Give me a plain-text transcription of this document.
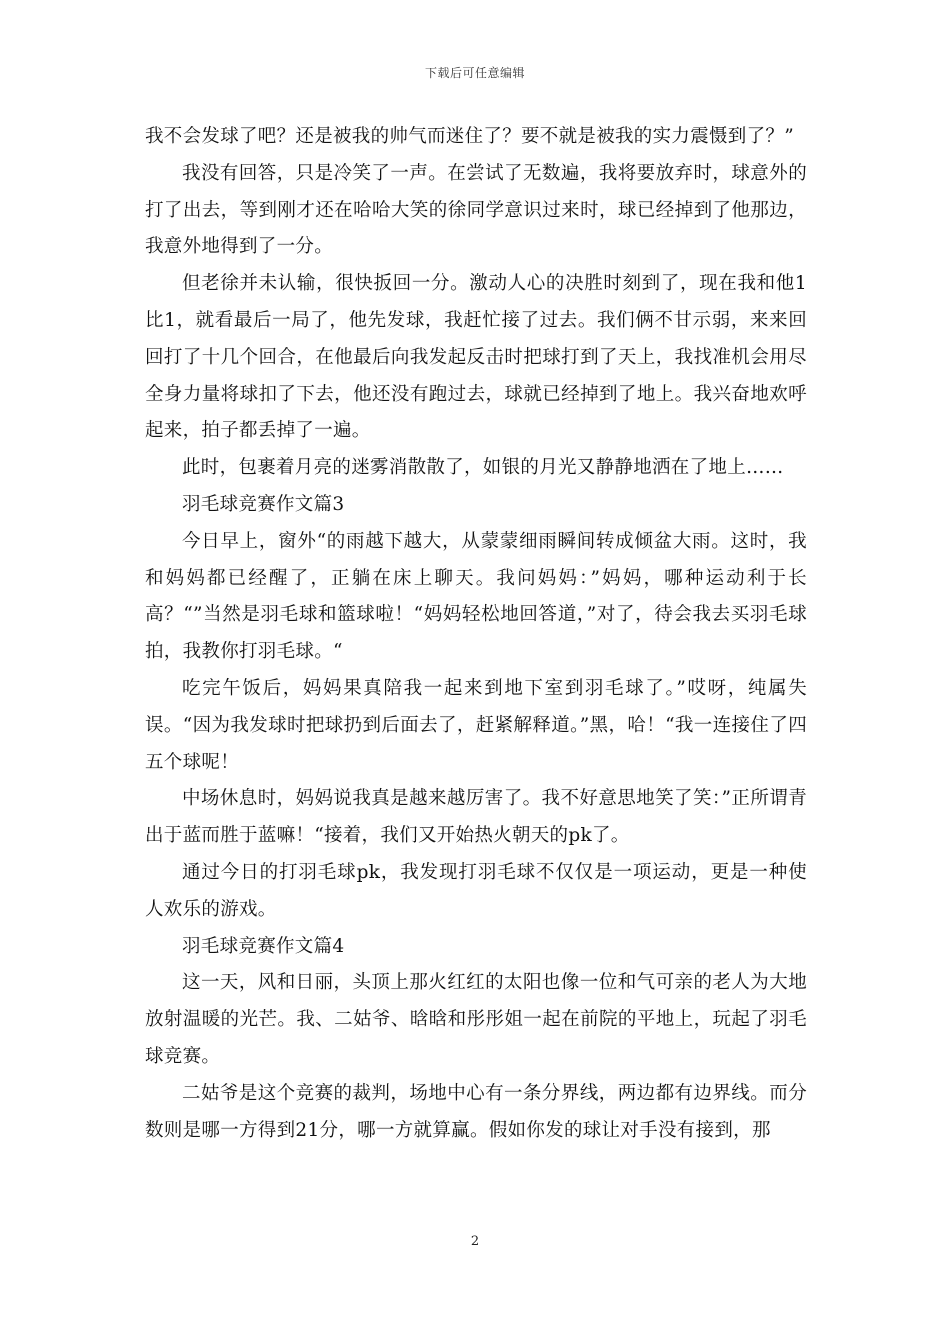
下载后可任意编辑

我不会发球了吧？还是被我的帅气而迷住了？要不就是被我的实力震慑到了？”

我没有回答，只是冷笑了一声。在尝试了无数遍，我将要放弃时，球意外的打了出去，等到刚才还在哈哈大笑的徐同学意识过来时，球已经掉到了他那边，我意外地得到了一分。

但老徐并未认输，很快扳回一分。激动人心的决胜时刻到了，现在我和他1比1，就看最后一局了，他先发球，我赶忙接了过去。我们俩不甘示弱，来来回回打了十几个回合，在他最后向我发起反击时把球打到了天上，我找准机会用尽全身力量将球扣了下去，他还没有跑过去，球就已经掉到了地上。我兴奋地欢呼起来，拍子都丢掉了一遍。

此时，包裹着月亮的迷雾消散散了，如银的月光又静静地洒在了地上……

羽毛球竞赛作文篇3

今日早上，窗外“的雨越下越大，从蒙蒙细雨瞬间转成倾盆大雨。这时，我和妈妈都已经醒了，正躺在床上聊天。我问妈妈：”妈妈，哪种运动利于长高？“”当然是羽毛球和篮球啦！“妈妈轻松地回答道，”对了，待会我去买羽毛球拍，我教你打羽毛球。“

吃完午饭后，妈妈果真陪我一起来到地下室到羽毛球了。”哎呀，纯属失误。“因为我发球时把球扔到后面去了，赶紧解释道。”黑，哈！“我一连接住了四五个球呢！

中场休息时，妈妈说我真是越来越厉害了。我不好意思地笑了笑：”正所谓青出于蓝而胜于蓝嘛！“接着，我们又开始热火朝天的pk了。

通过今日的打羽毛球pk，我发现打羽毛球不仅仅是一项运动，更是一种使人欢乐的游戏。

羽毛球竞赛作文篇4

这一天，风和日丽，头顶上那火红红的太阳也像一位和气可亲的老人为大地放射温暖的光芒。我、二姑爷、晗晗和彤彤姐一起在前院的平地上，玩起了羽毛球竞赛。

二姑爷是这个竞赛的裁判，场地中心有一条分界线，两边都有边界线。而分数则是哪一方得到21分，哪一方就算赢。假如你发的球让对手没有接到，那

2
